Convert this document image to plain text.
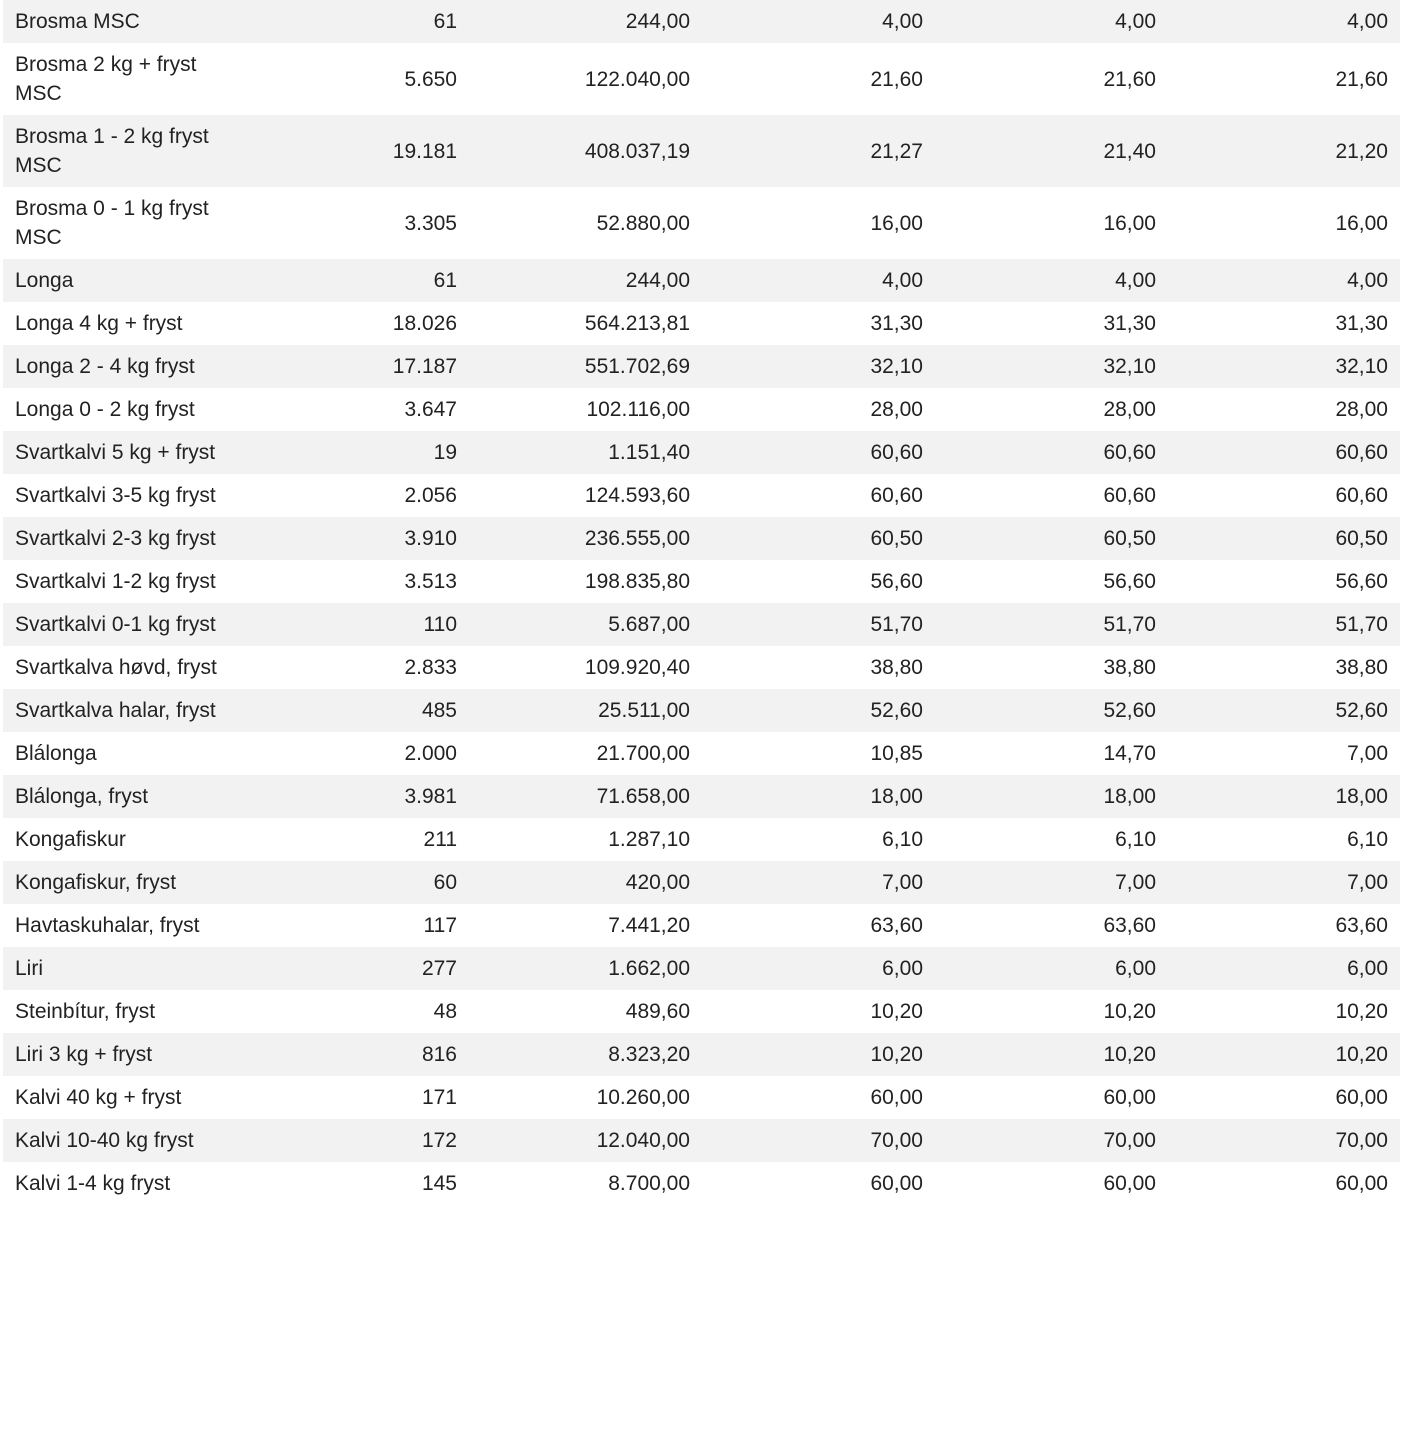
Brosma MSC	61	244,00	4,00	4,00	4,00
Brosma 2 kg + fryst MSC	5.650	122.040,00	21,60	21,60	21,60
Brosma 1 - 2 kg fryst MSC	19.181	408.037,19	21,27	21,40	21,20
Brosma 0 - 1 kg fryst MSC	3.305	52.880,00	16,00	16,00	16,00
Longa	61	244,00	4,00	4,00	4,00
Longa 4 kg + fryst	18.026	564.213,81	31,30	31,30	31,30
Longa 2 - 4 kg fryst	17.187	551.702,69	32,10	32,10	32,10
Longa 0 - 2 kg fryst	3.647	102.116,00	28,00	28,00	28,00
Svartkalvi 5 kg + fryst	19	1.151,40	60,60	60,60	60,60
Svartkalvi 3-5 kg fryst	2.056	124.593,60	60,60	60,60	60,60
Svartkalvi 2-3 kg fryst	3.910	236.555,00	60,50	60,50	60,50
Svartkalvi 1-2 kg fryst	3.513	198.835,80	56,60	56,60	56,60
Svartkalvi 0-1 kg fryst	110	5.687,00	51,70	51,70	51,70
Svartkalva høvd, fryst	2.833	109.920,40	38,80	38,80	38,80
Svartkalva halar, fryst	485	25.511,00	52,60	52,60	52,60
Blálonga	2.000	21.700,00	10,85	14,70	7,00
Blálonga, fryst	3.981	71.658,00	18,00	18,00	18,00
Kongafiskur	211	1.287,10	6,10	6,10	6,10
Kongafiskur, fryst	60	420,00	7,00	7,00	7,00
Havtaskuhalar, fryst	117	7.441,20	63,60	63,60	63,60
Liri	277	1.662,00	6,00	6,00	6,00
Steinbítur, fryst	48	489,60	10,20	10,20	10,20
Liri 3 kg + fryst	816	8.323,20	10,20	10,20	10,20
Kalvi 40 kg + fryst	171	10.260,00	60,00	60,00	60,00
Kalvi 10-40 kg fryst	172	12.040,00	70,00	70,00	70,00
Kalvi 1-4 kg fryst	145	8.700,00	60,00	60,00	60,00
